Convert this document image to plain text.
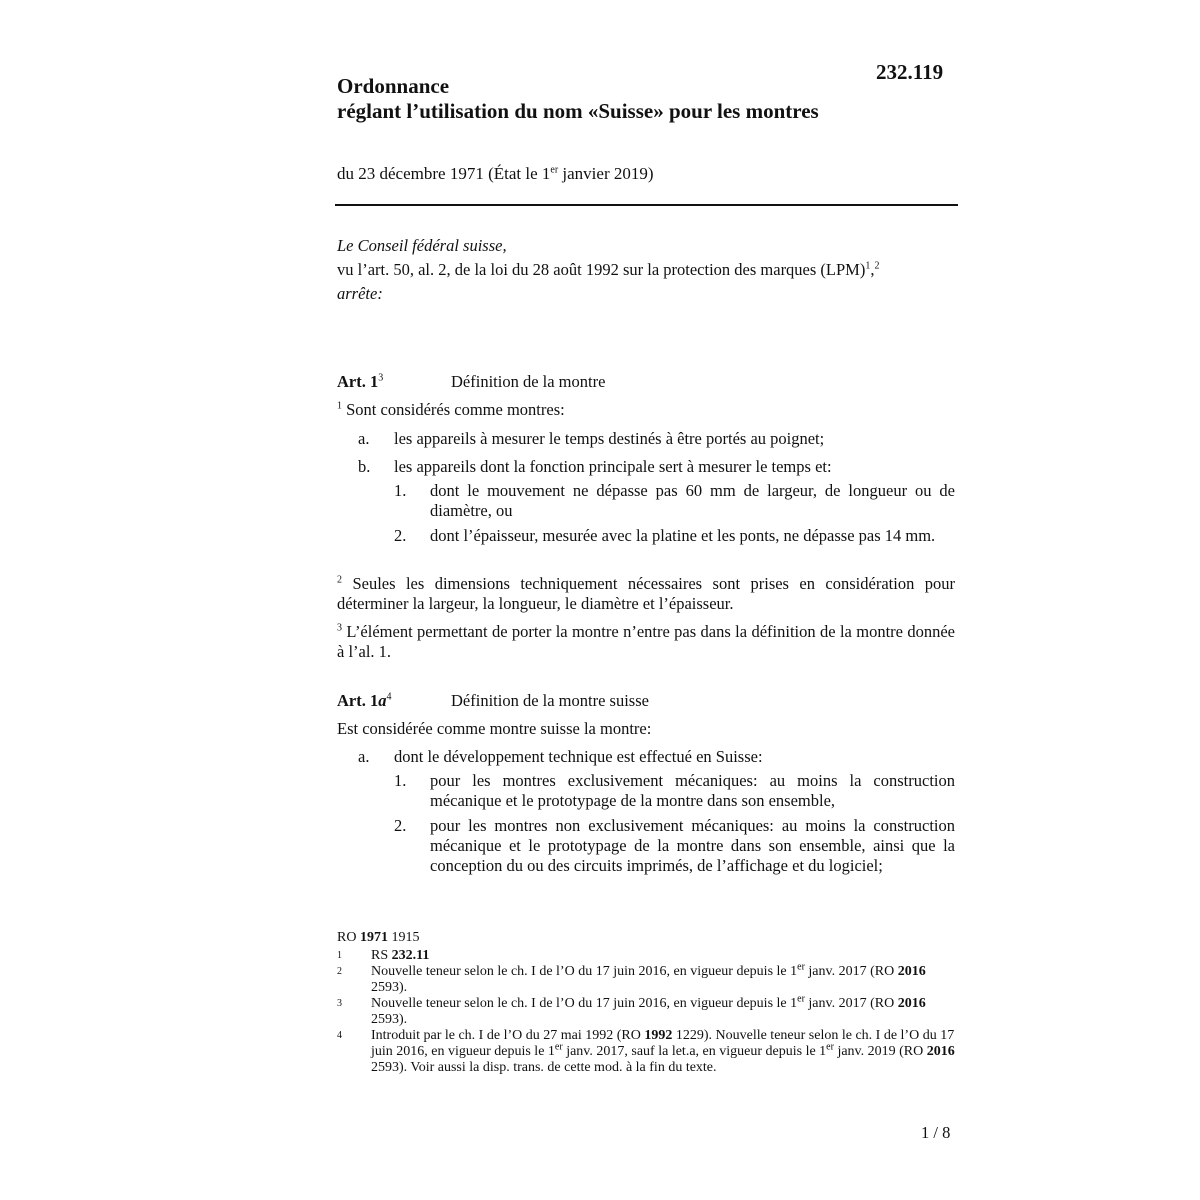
232.119
Ordonnance
réglant l’utilisation du nom «Suisse» pour les montres
du 23 décembre 1971 (État le 1er janvier 2019)
Le Conseil fédéral suisse,
vu l’art. 50, al. 2, de la loi du 28 août 1992 sur la protection des marques (LPM)$^1$,$^2$
arrête:
Art. 1$^3$	Définition de la montre
$^1$ Sont considérés comme montres:
a.	les appareils à mesurer le temps destinés à être portés au poignet;
b.	les appareils dont la fonction principale sert à mesurer le temps et:
1.	dont le mouvement ne dépasse pas 60 mm de largeur, de longueur ou de diamètre, ou
2.	dont l’épaisseur, mesurée avec la platine et les ponts, ne dépasse pas 14 mm.
$^2$ Seules les dimensions techniquement nécessaires sont prises en considération pour déterminer la largeur, la longueur, le diamètre et l’épaisseur.
$^3$ L’élément permettant de porter la montre n’entre pas dans la définition de la montre donnée à l’al. 1.
Art. 1a$^4$	Définition de la montre suisse
Est considérée comme montre suisse la montre:
a.	dont le développement technique est effectué en Suisse:
1.	pour les montres exclusivement mécaniques: au moins la construction mécanique et le prototypage de la montre dans son ensemble,
2.	pour les montres non exclusivement mécaniques: au moins la construction mécanique et le prototypage de la montre dans son ensemble, ainsi que la conception du ou des circuits imprimés, de l’affichage et du logiciel;
RO 1971 1915
1	RS 232.11
2	Nouvelle teneur selon le ch. I de l’O du 17 juin 2016, en vigueur depuis le 1er janv. 2017 (RO 2016 2593).
3	Nouvelle teneur selon le ch. I de l’O du 17 juin 2016, en vigueur depuis le 1er janv. 2017 (RO 2016 2593).
4	Introduit par le ch. I de l’O du 27 mai 1992 (RO 1992 1229). Nouvelle teneur selon le ch. I de l’O du 17 juin 2016, en vigueur depuis le 1er janv. 2017, sauf la let.a, en vigueur depuis le 1er janv. 2019 (RO 2016 2593). Voir aussi la disp. trans. de cette mod. à la fin du texte.
1 / 8
